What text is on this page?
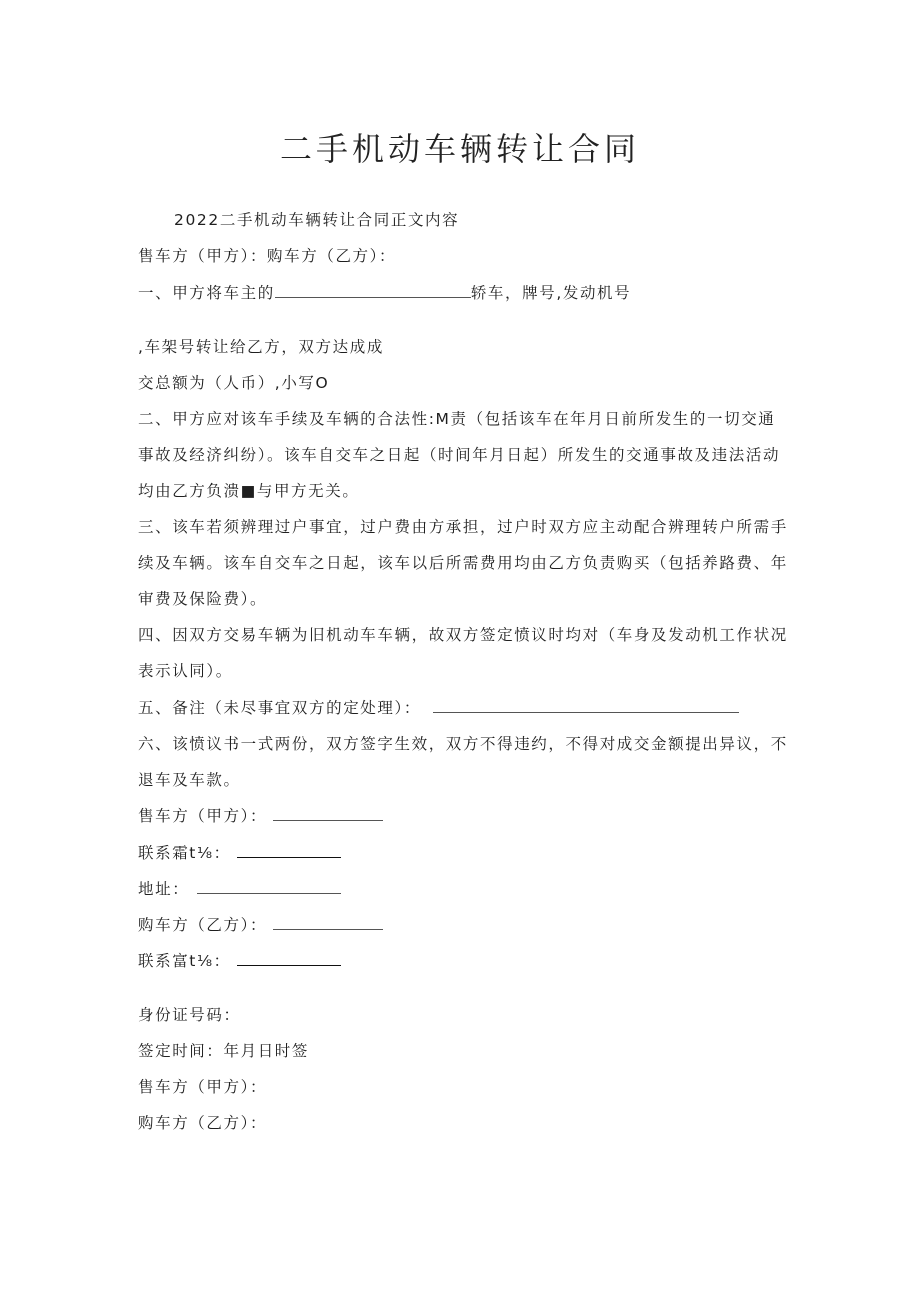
二手机动车辆转让合同
2022二手机动车辆转让合同正文内容
售车方（甲方）：购车方（乙方）：
一、甲方将车主的	轿车，牌号,发动机号
,车架号转让给乙方，双方达成成
交总额为（人币）,小写O
二、甲方应对该车手续及车辆的合法性:M责（包括该车在年月日前所发生的一切交通
事故及经济纠纷）。该车自交车之日起（时间年月日起）所发生的交通事故及违法活动
均由乙方负溃■与甲方无关。
三、该车若须辨理过户事宜，过户费由方承担，过户时双方应主动配合辨理转户所需手
续及车辆。该车自交车之日起，该车以后所需费用均由乙方负责购买（包括养路费、年
审费及保险费）。
四、因双方交易车辆为旧机动车车辆，故双方签定愤议时均对（车身及发动机工作状况
表示认同）。
五、备注（未尽事宜双方的定处理）：
六、该愤议书一式两份，双方签字生效，双方不得违约，不得对成交金额提出异议，不
退车及车款。
售车方（甲方）：
联系霜t⅛：
地址：
购车方（乙方）：
联系富t⅛：
身份证号码：
签定时间：年月日时签
售车方（甲方）：
购车方（乙方）：
